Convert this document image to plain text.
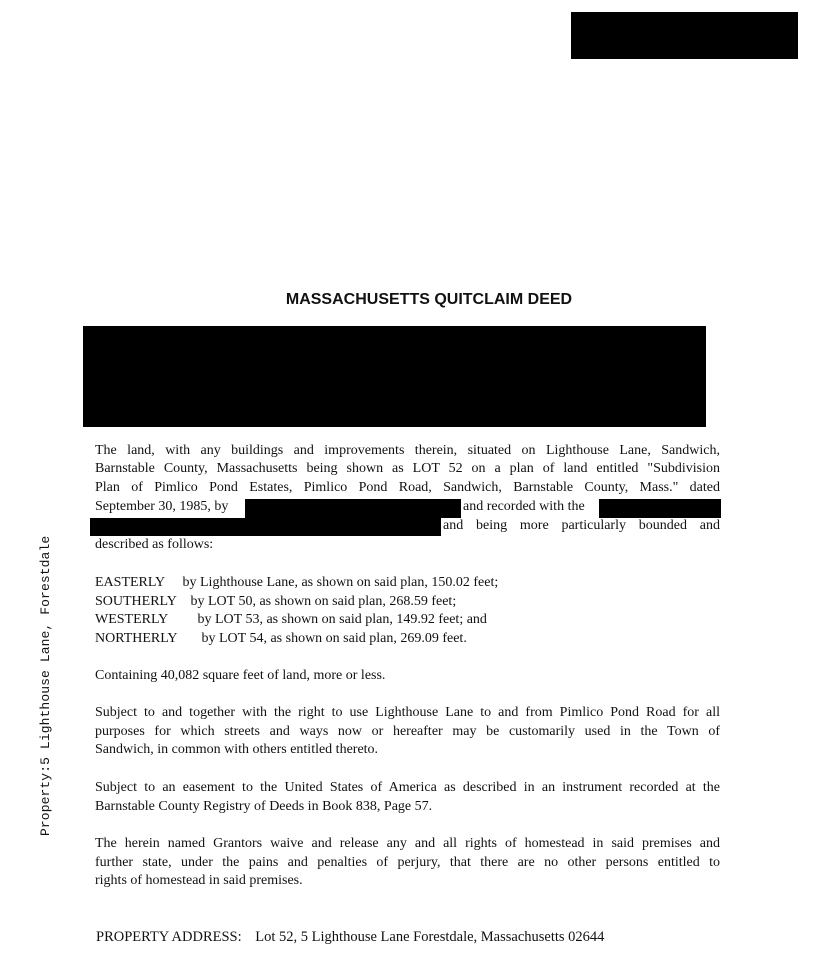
Property:5 Lighthouse Lane, Forestdale
MASSACHUSETTS QUITCLAIM DEED
The land, with any buildings and improvements therein, situated on Lighthouse Lane, Sandwich,
Barnstable County, Massachusetts being shown as LOT 52 on a plan of land entitled "Subdivision
Plan of Pimlico Pond Estates, Pimlico Pond Road, Sandwich, Barnstable County, Mass." dated
September 30, 1985, by	and recorded with the
and being more particularly bounded and
described as follows:
EASTERLY by Lighthouse Lane, as shown on said plan, 150.02 feet;
SOUTHERLY by LOT 50, as shown on said plan, 268.59 feet;
WESTERLY by LOT 53, as shown on said plan, 149.92 feet; and
NORTHERLY by LOT 54, as shown on said plan, 269.09 feet.
Containing 40,082 square feet of land, more or less.
Subject to and together with the right to use Lighthouse Lane to and from Pimlico Pond Road for all
purposes for which streets and ways now or hereafter may be customarily used in the Town of
Sandwich, in common with others entitled thereto.
Subject to an easement to the United States of America as described in an instrument recorded at the
Barnstable County Registry of Deeds in Book 838, Page 57.
The herein named Grantors waive and release any and all rights of homestead in said premises and
further state, under the pains and penalties of perjury, that there are no other persons entitled to
rights of homestead in said premises.
PROPERTY ADDRESS: Lot 52, 5 Lighthouse Lane Forestdale, Massachusetts 02644
